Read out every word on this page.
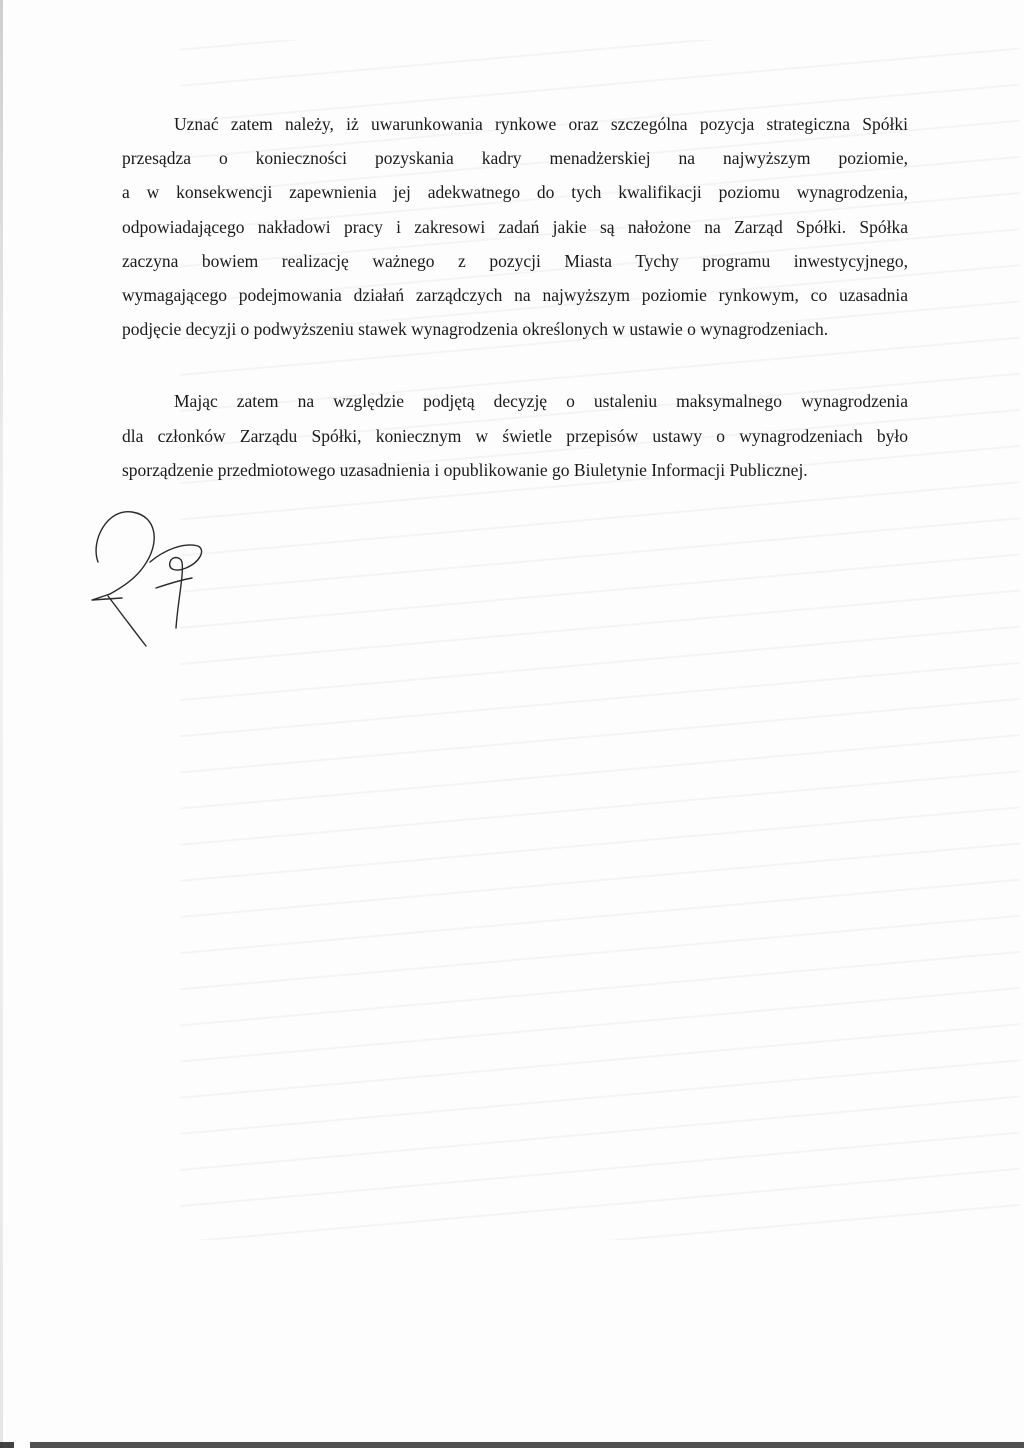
Uznać zatem należy, iż uwarunkowania rynkowe oraz szczególna pozycja strategiczna Spółki
przesądza o konieczności pozyskania kadry menadżerskiej na najwyższym poziomie,
a w konsekwencji zapewnienia jej adekwatnego do tych kwalifikacji poziomu wynagrodzenia,
odpowiadającego nakładowi pracy i zakresowi zadań jakie są nałożone na Zarząd Spółki. Spółka
zaczyna bowiem realizację ważnego z pozycji Miasta Tychy programu inwestycyjnego,
wymagającego podejmowania działań zarządczych na najwyższym poziomie rynkowym, co uzasadnia
podjęcie decyzji o podwyższeniu stawek wynagrodzenia określonych w ustawie o wynagrodzeniach.

Mając zatem na względzie podjętą decyzję o ustaleniu maksymalnego wynagrodzenia
dla członków Zarządu Spółki, koniecznym w świetle przepisów ustawy o wynagrodzeniach było
sporządzenie przedmiotowego uzasadnienia i opublikowanie go Biuletynie Informacji Publicznej.
